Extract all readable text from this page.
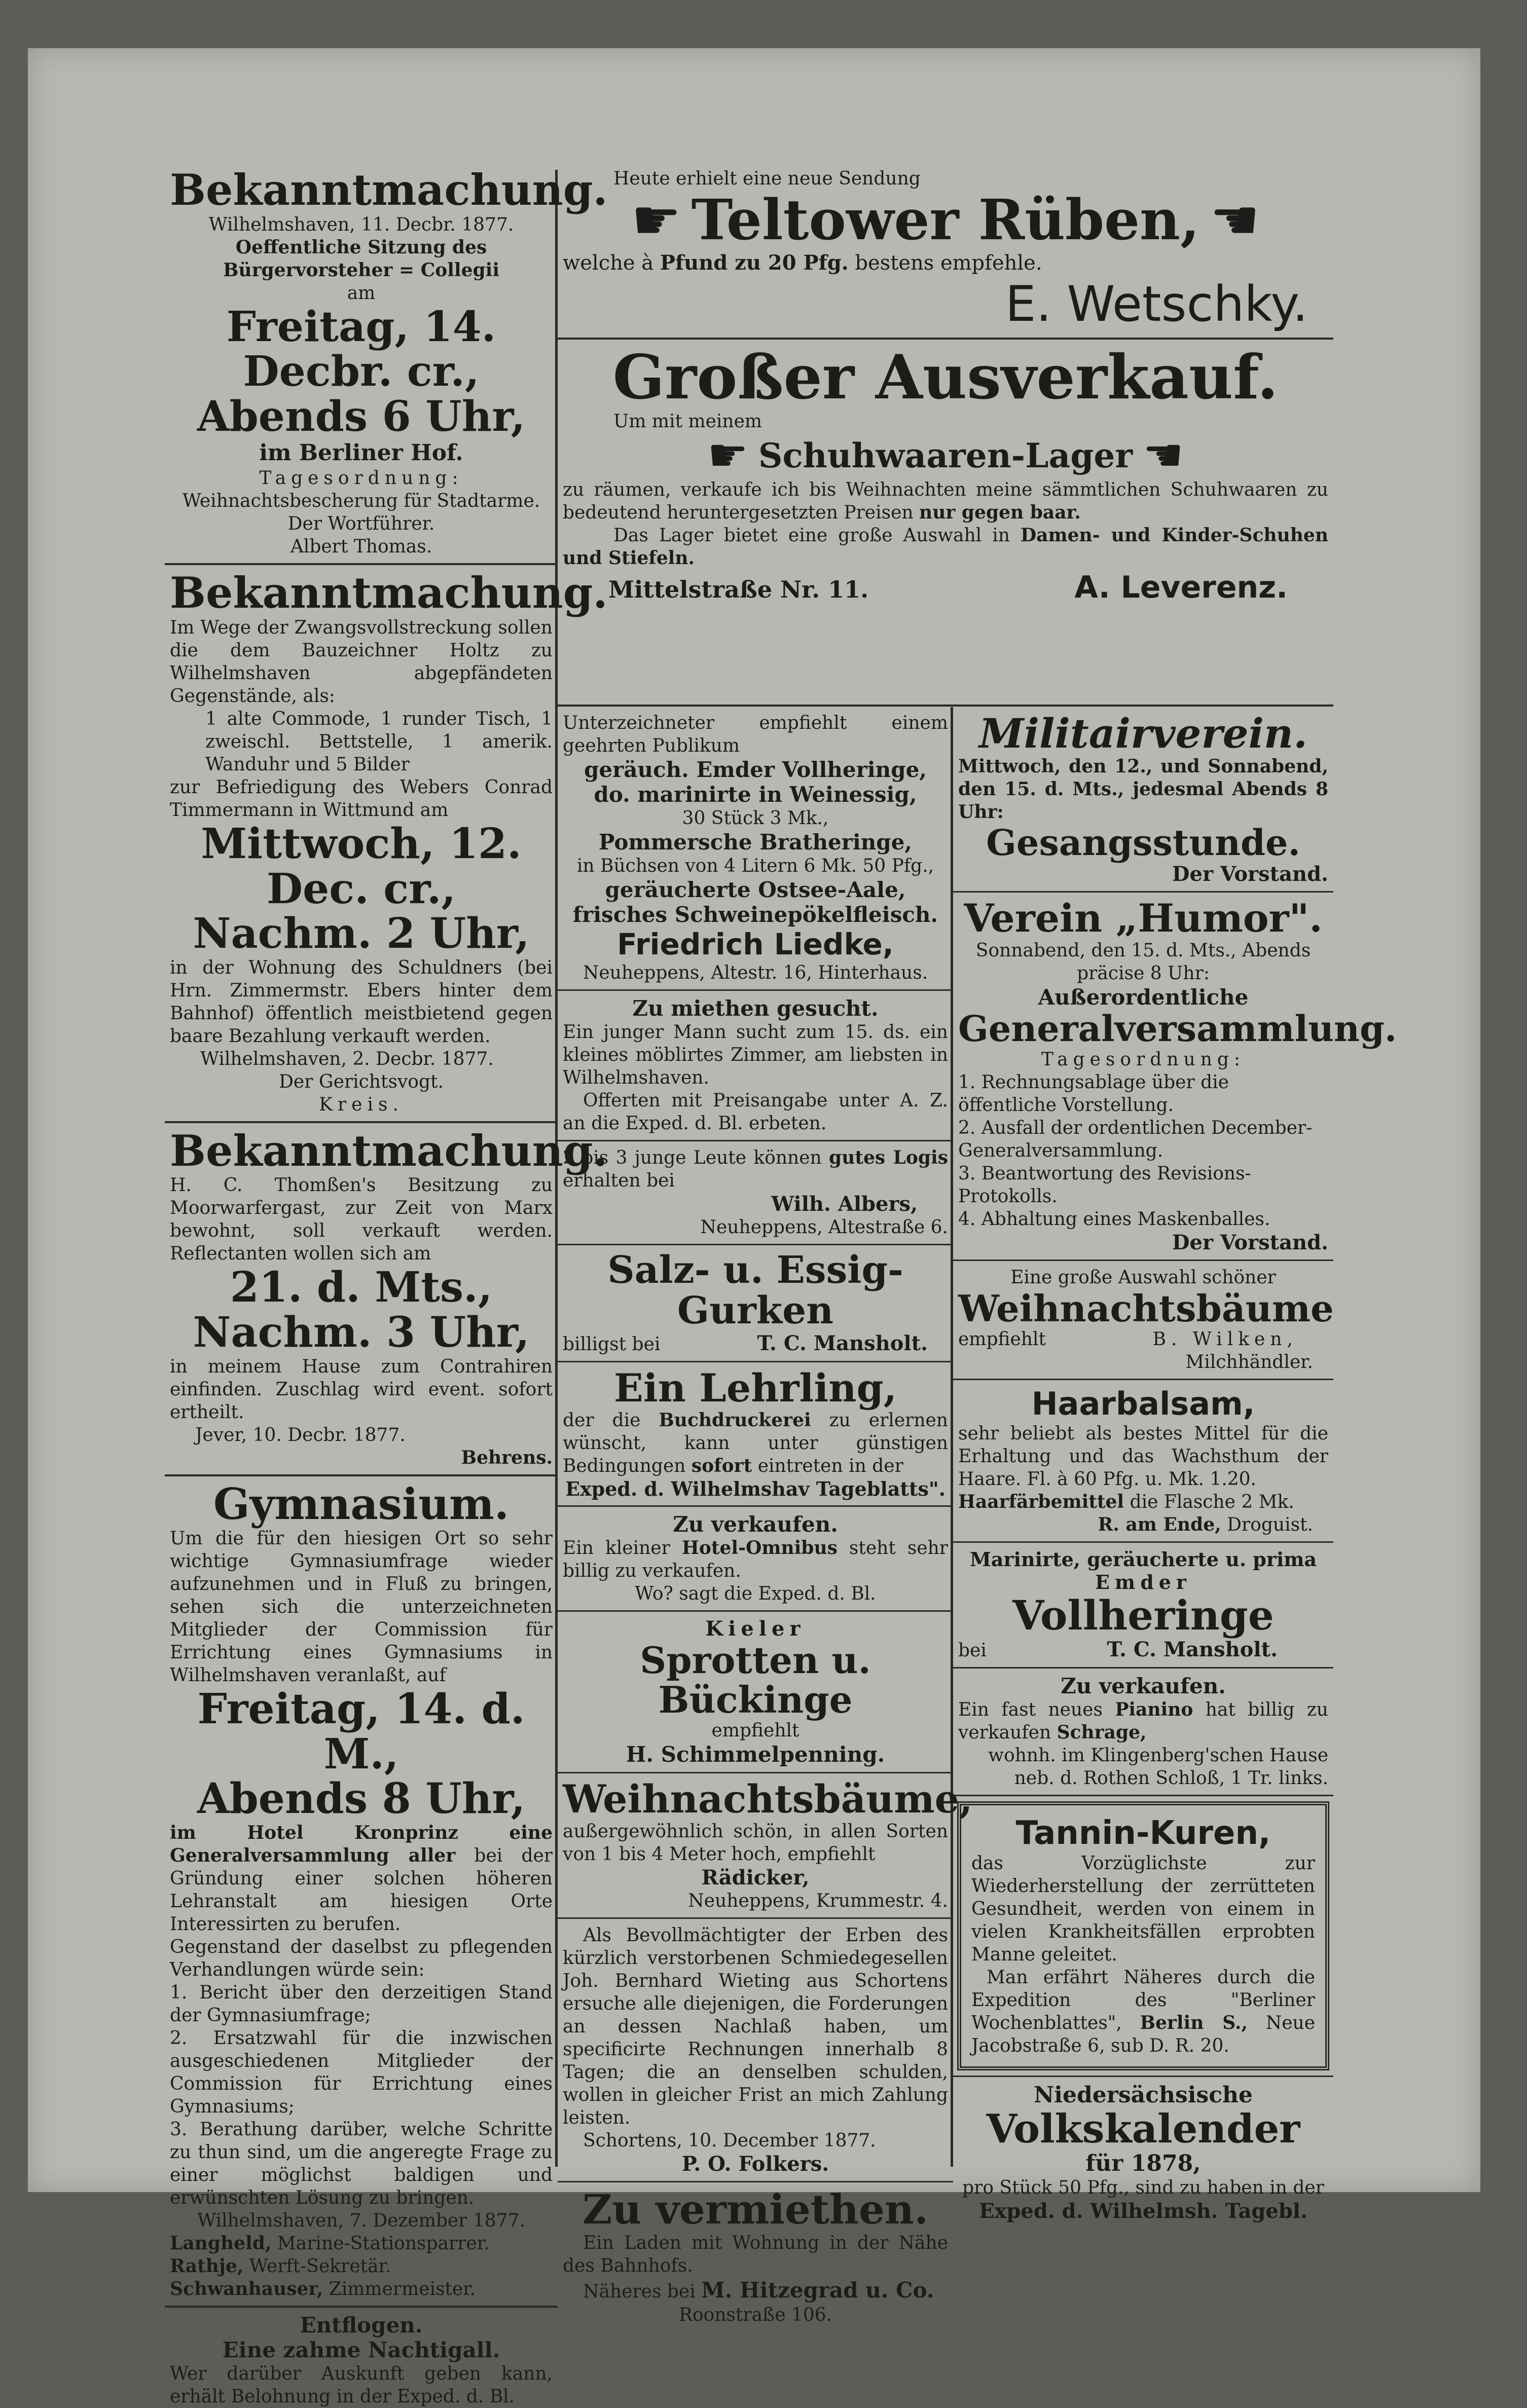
Bekanntmachung.
Wilhelmshaven, 11. Decbr. 1877.
Oeffentliche Sitzung des
Bürgervorsteher = Collegii
am
Freitag, 14. Decbr. cr.,
Abends 6 Uhr,
im Berliner Hof.
Tagesordnung:
Weihnachtsbescherung für Stadtarme.
Der Wortführer.
Albert Thomas.
Bekanntmachung.
Im Wege der Zwangsvollstreckung sollen die dem Bauzeichner Holtz zu Wilhelmshaven abgepfändeten Gegenstände, als:
1 alte Commode, 1 runder Tisch, 1 zweischl. Bettstelle, 1 amerik. Wanduhr und 5 Bilder
zur Befriedigung des Webers Conrad Timmermann in Wittmund am
Mittwoch, 12. Dec. cr.,
Nachm. 2 Uhr,
in der Wohnung des Schuldners (bei Hrn. Zimmermstr. Ebers hinter dem Bahnhof) öffentlich meistbietend gegen baare Bezahlung verkauft werden.
Wilhelmshaven, 2. Decbr. 1877.
Der Gerichtsvogt.
Kreis.
Bekanntmachung.
H. C. Thomßen's Besitzung zu Moorwarfergast, zur Zeit von Marx bewohnt, soll verkauft werden. Reflectanten wollen sich am
21. d. Mts.,
Nachm. 3 Uhr,
in meinem Hause zum Contrahiren einfinden. Zuschlag wird event. sofort ertheilt.
Jever, 10. Decbr. 1877.
Behrens.
Gymnasium.
Um die für den hiesigen Ort so sehr wichtige Gymnasiumfrage wieder aufzunehmen und in Fluß zu bringen, sehen sich die unterzeichneten Mitglieder der Commission für Errichtung eines Gymnasiums in Wilhelmshaven veranlaßt, auf
Freitag, 14. d. M.,
Abends 8 Uhr,
im Hotel Kronprinz eine Generalversammlung aller bei der Gründung einer solchen höheren Lehranstalt am hiesigen Orte Interessirten zu berufen.
Gegenstand der daselbst zu pflegenden Verhandlungen würde sein:
1. Bericht über den derzeitigen Stand der Gymnasiumfrage;
2. Ersatzwahl für die inzwischen ausgeschiedenen Mitglieder der Commission für Errichtung eines Gymnasiums;
3. Berathung darüber, welche Schritte zu thun sind, um die angeregte Frage zu einer möglichst baldigen und erwünschten Lösung zu bringen.
Wilhelmshaven, 7. Dezember 1877.
Langheld, Marine-Stationsparrer.
Rathje, Werft-Sekretär.
Schwanhauser, Zimmermeister.
Entflogen.
Eine zahme Nachtigall.
Wer darüber Auskunft geben kann, erhält Belohnung in der Exped. d. Bl.
Heute erhielt eine neue Sendung
☛ Teltower Rüben, ☚
welche à Pfund zu 20 Pfg. bestens empfehle.
E. Wetschky.
Großer Ausverkauf.
Um mit meinem
☛ Schuhwaaren-Lager ☚
zu räumen, verkaufe ich bis Weihnachten meine sämmtlichen Schuhwaaren zu bedeutend heruntergesetzten Preisen nur gegen baar.
Das Lager bietet eine große Auswahl in Damen- und Kinder-Schuhen und Stiefeln.
Mittelstraße Nr. 11.	A. Leverenz.
Unterzeichneter empfiehlt einem geehrten Publikum
geräuch. Emder Vollheringe, do. marinirte in Weinessig,
30 Stück 3 Mk.,
Pommersche Bratheringe,
in Büchsen von 4 Litern 6 Mk. 50 Pfg.,
geräucherte Ostsee-Aale, frisches Schweinepökelfleisch.
Friedrich Liedke,
Neuheppens, Altestr. 16, Hinterhaus.
Zu miethen gesucht.
Ein junger Mann sucht zum 15. ds. ein kleines möblirtes Zimmer, am liebsten in Wilhelmshaven.
Offerten mit Preisangabe unter A. Z. an die Exped. d. Bl. erbeten.
2 bis 3 junge Leute können gutes Logis erhalten bei
Wilh. Albers,
Neuheppens, Altestraße 6.
Salz- u. Essig-Gurken
billigst bei	T. C. Mansholt.
Ein Lehrling,
der die Buchdruckerei zu erlernen wünscht, kann unter günstigen Bedingungen sofort eintreten in der
Exped. d. Wilhelmshav Tageblatts".
Zu verkaufen.
Ein kleiner Hotel-Omnibus steht sehr billig zu verkaufen.
Wo? sagt die Exped. d. Bl.
Kieler
Sprotten u. Bückinge
empfiehlt
H. Schimmelpenning.
Weihnachtsbäume,
außergewöhnlich schön, in allen Sorten von 1 bis 4 Meter hoch, empfiehlt
Rädicker,
Neuheppens, Krummestr. 4.
Als Bevollmächtigter der Erben des kürzlich verstorbenen Schmiedegesellen Joh. Bernhard Wieting aus Schortens ersuche alle diejenigen, die Forderungen an dessen Nachlaß haben, um specificirte Rechnungen innerhalb 8 Tagen; die an denselben schulden, wollen in gleicher Frist an mich Zahlung leisten.
Schortens, 10. December 1877.
P. O. Folkers.
Zu vermiethen.
Ein Laden mit Wohnung in der Nähe des Bahnhofs.
Näheres bei M. Hitzegrad u. Co.
Roonstraße 106.
Militairverein.
Mittwoch, den 12., und Sonnabend, den 15. d. Mts., jedesmal Abends 8 Uhr:
Gesangsstunde.
Der Vorstand.
Verein „Humor".
Sonnabend, den 15. d. Mts., Abends präcise 8 Uhr:
Außerordentliche
Generalversammlung.
Tagesordnung:
1. Rechnungsablage über die öffentliche Vorstellung.
2. Ausfall der ordentlichen December-Generalversammlung.
3. Beantwortung des Revisions-Protokolls.
4. Abhaltung eines Maskenballes.
Der Vorstand.
Eine große Auswahl schöner
Weihnachtsbäume
empfiehlt	B. Wilken,
Milchhändler.
Haarbalsam,
sehr beliebt als bestes Mittel für die Erhaltung und das Wachsthum der Haare. Fl. à 60 Pfg. u. Mk. 1.20.
Haarfärbemittel die Flasche 2 Mk.
R. am Ende, Droguist.
Marinirte, geräucherte u. prima
Emder
Vollheringe
bei	T. C. Mansholt.
Zu verkaufen.
Ein fast neues Pianino hat billig zu verkaufen Schrage,
wohnh. im Klingenberg'schen Hause neb. d. Rothen Schloß, 1 Tr. links.
Tannin-Kuren,
das Vorzüglichste zur Wiederherstellung der zerrütteten Gesundheit, werden von einem in vielen Krankheitsfällen erprobten Manne geleitet.
Man erfährt Näheres durch die Expedition des "Berliner Wochenblattes", Berlin S., Neue Jacobstraße 6, sub D. R. 20.
Niedersächsische
Volkskalender
für 1878,
pro Stück 50 Pfg., sind zu haben in der
Exped. d. Wilhelmsh. Tagebl.
